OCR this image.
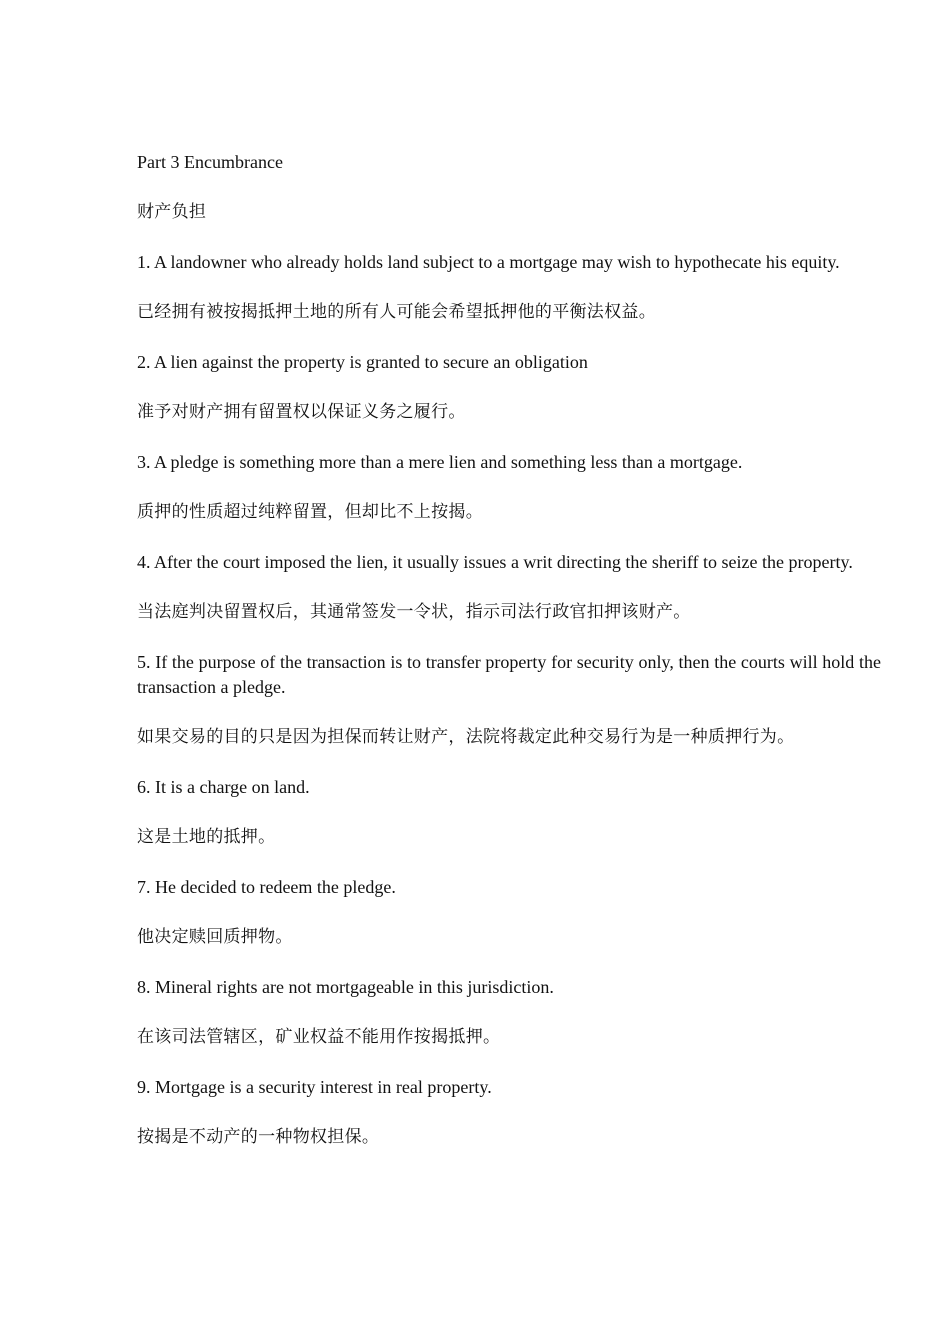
Part 3 Encumbrance

财产负担

1. A landowner who already holds land subject to a mortgage may wish to hypothecate his equity.

已经拥有被按揭抵押土地的所有人可能会希望抵押他的平衡法权益。

2. A lien against the property is granted to secure an obligation

准予对财产拥有留置权以保证义务之履行。

3. A pledge is something more than a mere lien and something less than a mortgage.

质押的性质超过纯粹留置，但却比不上按揭。

4. After the court imposed the lien, it usually issues a writ directing the sheriff to seize the property.

当法庭判决留置权后，其通常签发一令状，指示司法行政官扣押该财产。

5. If the purpose of the transaction is to transfer property for security only, then the courts will hold the transaction a pledge.

如果交易的目的只是因为担保而转让财产，法院将裁定此种交易行为是一种质押行为。

6. It is a charge on land.

这是土地的抵押。

7. He decided to redeem the pledge.

他决定赎回质押物。

8. Mineral rights are not mortgageable in this jurisdiction.

在该司法管辖区，矿业权益不能用作按揭抵押。

9. Mortgage is a security interest in real property.

按揭是不动产的一种物权担保。
